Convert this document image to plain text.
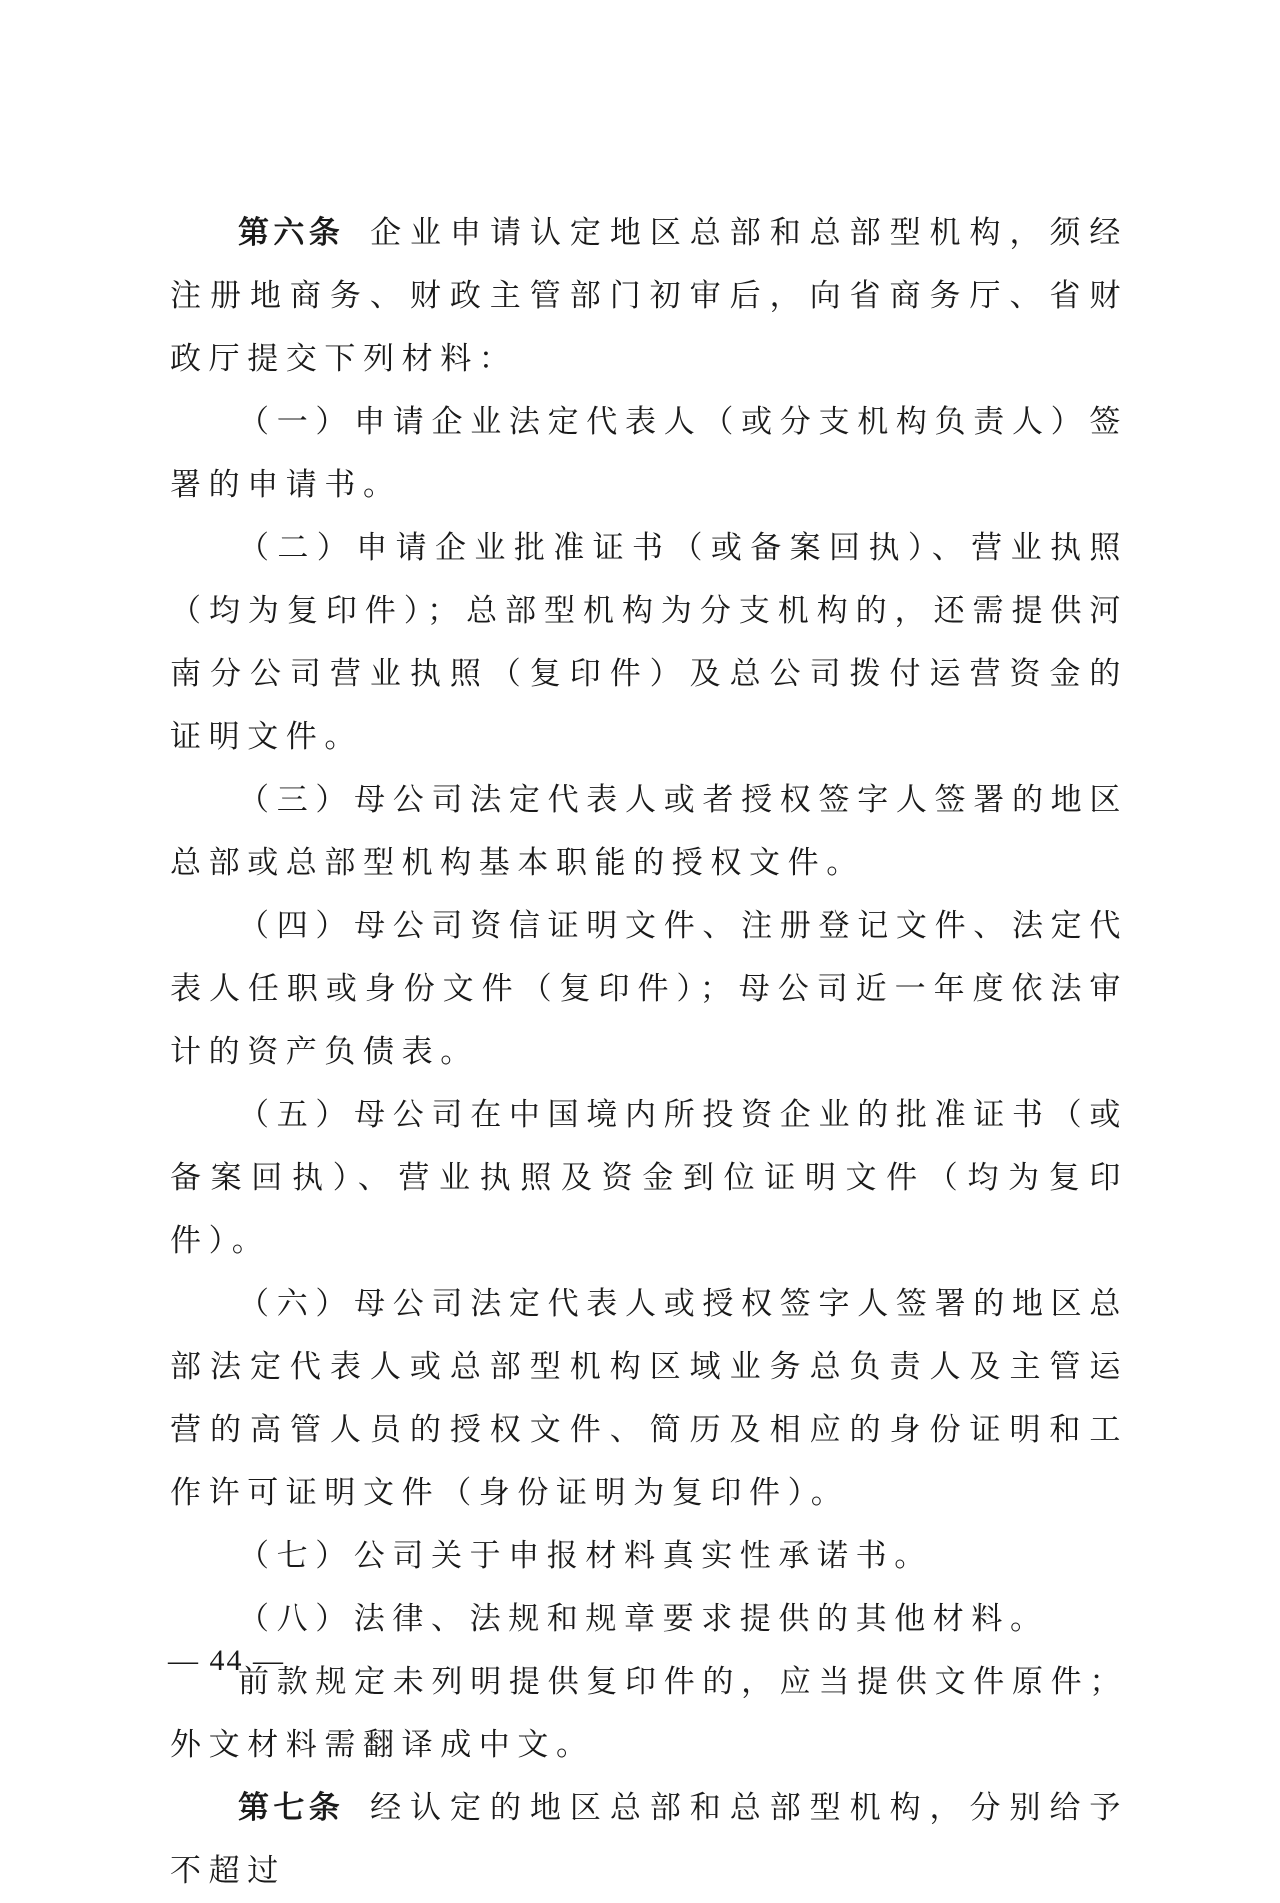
第六条 企业申请认定地区总部和总部型机构，须经注册地商务、财政主管部门初审后，向省商务厅、省财政厅提交下列材料：

（一）申请企业法定代表人（或分支机构负责人）签署的申请书。

（二）申请企业批准证书（或备案回执）、营业执照（均为复印件）；总部型机构为分支机构的，还需提供河南分公司营业执照（复印件）及总公司拨付运营资金的证明文件。

（三）母公司法定代表人或者授权签字人签署的地区总部或总部型机构基本职能的授权文件。

（四）母公司资信证明文件、注册登记文件、法定代表人任职或身份文件（复印件）；母公司近一年度依法审计的资产负债表。

（五）母公司在中国境内所投资企业的批准证书（或备案回执）、营业执照及资金到位证明文件（均为复印件）。

（六）母公司法定代表人或授权签字人签署的地区总部法定代表人或总部型机构区域业务总负责人及主管运营的高管人员的授权文件、简历及相应的身份证明和工作许可证明文件（身份证明为复印件）。

（七）公司关于申报材料真实性承诺书。

（八）法律、法规和规章要求提供的其他材料。

前款规定未列明提供复印件的，应当提供文件原件；外文材料需翻译成中文。

第七条 经认定的地区总部和总部型机构，分别给予不超过

— 44 —
